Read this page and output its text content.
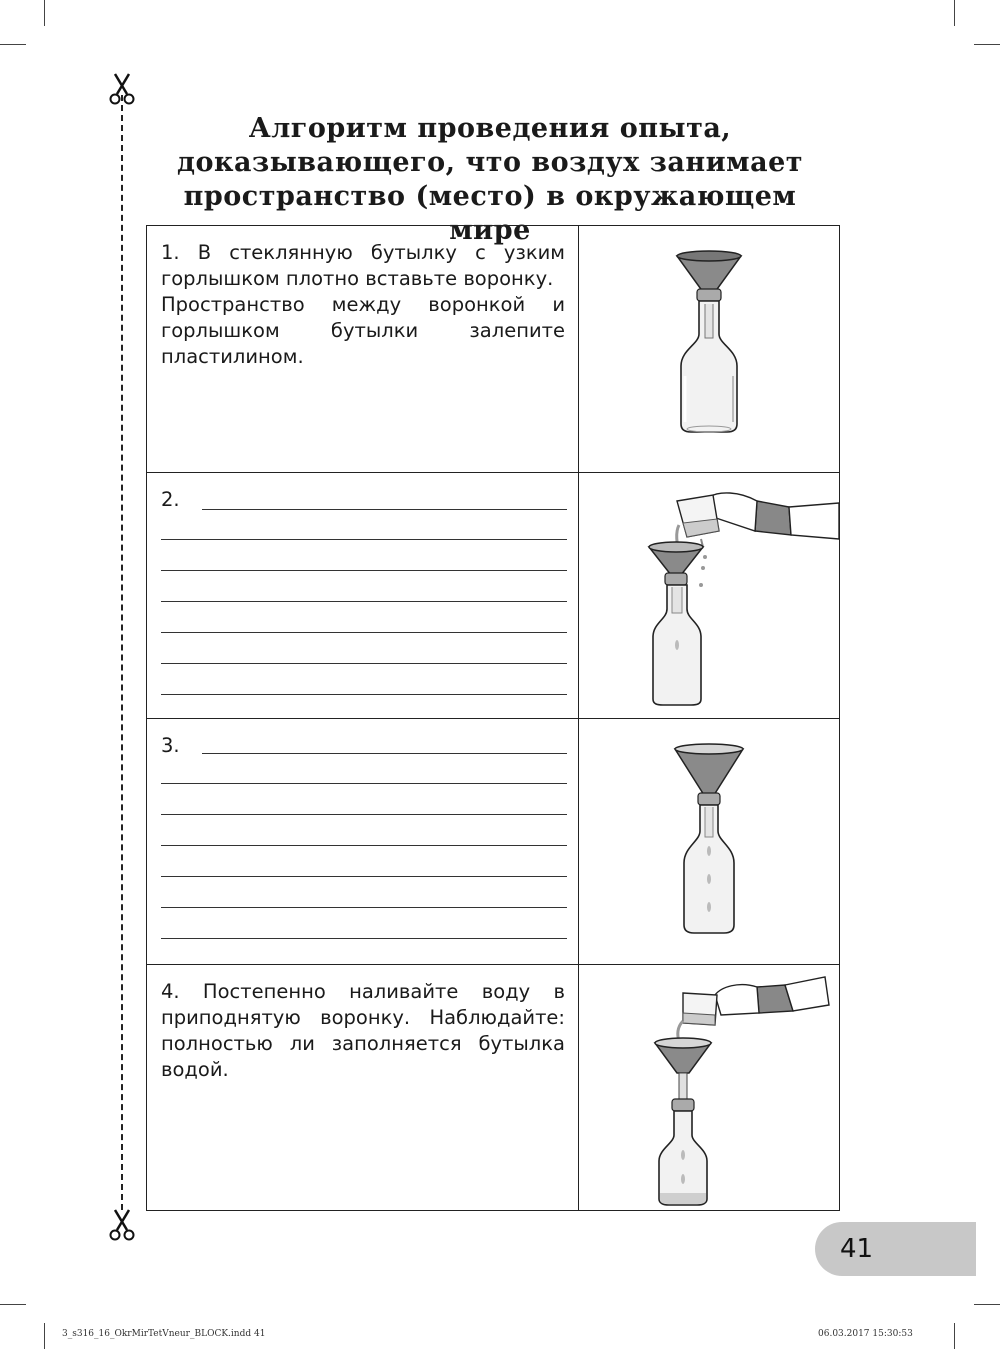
Алгоритм проведения опыта,
доказывающего, что воздух занимает
пространство (место) в окружающем мире

1. В стеклянную бутылку с узким горлышком плотно вставьте воронку.

Пространство между воронкой и горлышком бутылки залепите пластилином.

2.
3.

4. Постепенно наливайте воду в приподнятую воронку. Наблюдайте: полностью ли заполняется бутылка водой.

41
3_s316_16_OkrMirTetVneur_BLOCK.indd 41	06.03.2017 15:30:53
